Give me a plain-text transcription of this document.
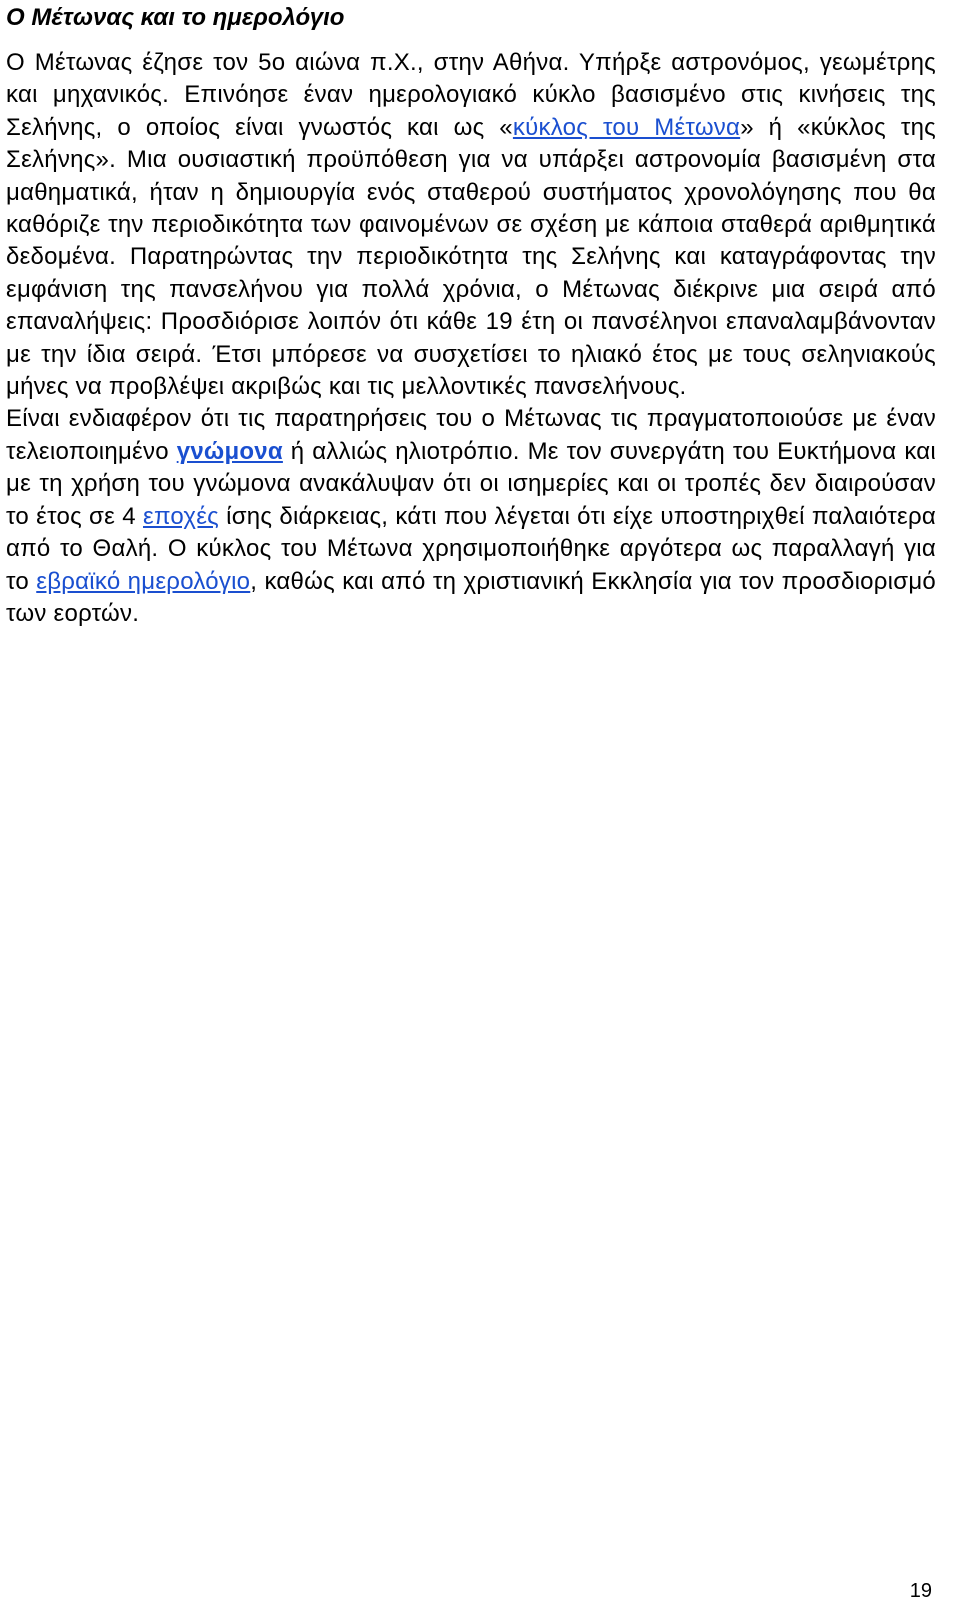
Ο Μέτωνας και το ημερολόγιο

Ο Μέτωνας έζησε τον 5ο αιώνα π.Χ., στην Αθήνα. Υπήρξε αστρονόμος, γεωμέτρης και μηχανικός. Επινόησε έναν ημερολογιακό κύκλο βασισμένο στις κινήσεις της Σελήνης, ο οποίος είναι γνωστός και ως «κύκλος του Μέτωνα» ή «κύκλος της Σελήνης». Μια ουσιαστική προϋπόθεση για να υπάρξει αστρονομία βασισμένη στα μαθηματικά, ήταν η δημιουργία ενός σταθερού συστήματος χρονολόγησης που θα καθόριζε την περιοδικότητα των φαινομένων σε σχέση με κάποια σταθερά αριθμητικά δεδομένα. Παρατηρώντας την περιοδικότητα της Σελήνης και καταγράφοντας την εμφάνιση της πανσελήνου για πολλά χρόνια, ο Μέτωνας διέκρινε μια σειρά από επαναλήψεις: Προσδιόρισε λοιπόν ότι κάθε 19 έτη οι πανσέληνοι επαναλαμβάνονταν με την ίδια σειρά. Έτσι μπόρεσε να συσχετίσει το ηλιακό έτος με τους σεληνιακούς μήνες να προβλέψει ακριβώς και τις μελλοντικές πανσελήνους.

Είναι ενδιαφέρον ότι τις παρατηρήσεις του ο Μέτωνας τις πραγματοποιούσε με έναν τελειοποιημένο γνώμονα ή αλλιώς ηλιοτρόπιο. Με τον συνεργάτη του Ευκτήμονα και με τη χρήση του γνώμονα ανακάλυψαν ότι οι ισημερίες και οι τροπές δεν διαιρούσαν το έτος σε 4 εποχές ίσης διάρκειας, κάτι που λέγεται ότι είχε υποστηριχθεί παλαιότερα από το Θαλή. Ο κύκλος του Μέτωνα χρησιμοποιήθηκε αργότερα ως παραλλαγή για το εβραϊκό ημερολόγιο, καθώς και από τη χριστιανική Εκκλησία για τον προσδιορισμό των εορτών.

19
